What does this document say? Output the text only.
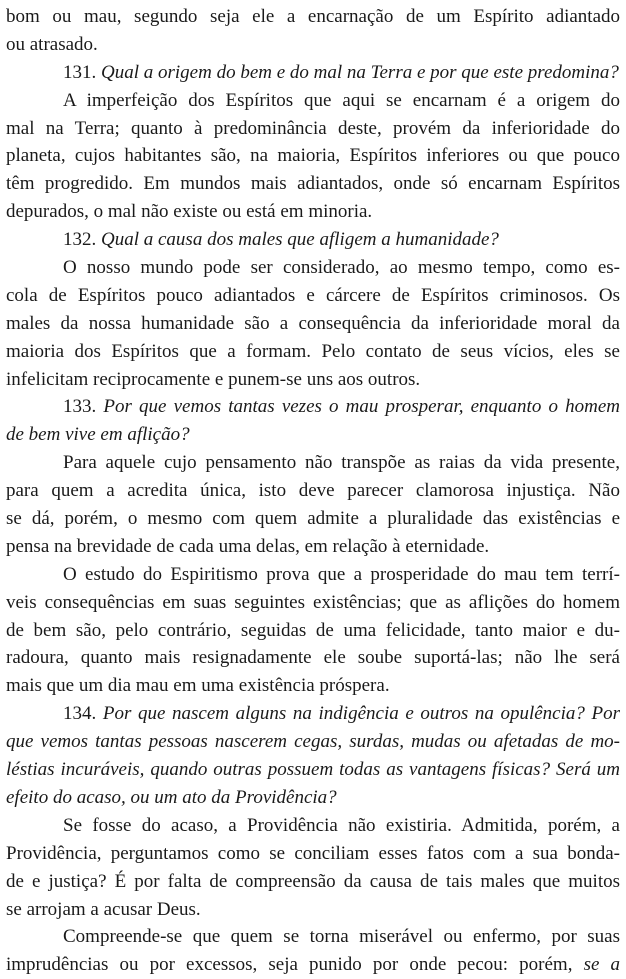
bom ou mau, segundo seja ele a encarnação de um Espírito adiantado
ou atrasado.
131. Qual a origem do bem e do mal na Terra e por que este predomina?
A imperfeição dos Espíritos que aqui se encarnam é a origem do
mal na Terra; quanto à predominância deste, provém da inferioridade do
planeta, cujos habitantes são, na maioria, Espíritos inferiores ou que pouco
têm progredido. Em mundos mais adiantados, onde só encarnam Espíritos
depurados, o mal não existe ou está em minoria.
132. Qual a causa dos males que afligem a humanidade?
O nosso mundo pode ser considerado, ao mesmo tempo, como es-
cola de Espíritos pouco adiantados e cárcere de Espíritos criminosos. Os
males da nossa humanidade são a consequência da inferioridade moral da
maioria dos Espíritos que a formam. Pelo contato de seus vícios, eles se
infelicitam reciprocamente e punem-se uns aos outros.
133. Por que vemos tantas vezes o mau prosperar, enquanto o homem
de bem vive em aflição?
Para aquele cujo pensamento não transpõe as raias da vida presente,
para quem a acredita única, isto deve parecer clamorosa injustiça. Não
se dá, porém, o mesmo com quem admite a pluralidade das existências e
pensa na brevidade de cada uma delas, em relação à eternidade.
O estudo do Espiritismo prova que a prosperidade do mau tem terrí-
veis consequências em suas seguintes existências; que as aflições do homem
de bem são, pelo contrário, seguidas de uma felicidade, tanto maior e du-
radoura, quanto mais resignadamente ele soube suportá-las; não lhe será
mais que um dia mau em uma existência próspera.
134. Por que nascem alguns na indigência e outros na opulência? Por
que vemos tantas pessoas nascerem cegas, surdas, mudas ou afetadas de mo-
léstias incuráveis, quando outras possuem todas as vantagens físicas? Será um
efeito do acaso, ou um ato da Providência?
Se fosse do acaso, a Providência não existiria. Admitida, porém, a
Providência, perguntamos como se conciliam esses fatos com a sua bonda-
de e justiça? É por falta de compreensão da causa de tais males que muitos
se arrojam a acusar Deus.
Compreende-se que quem se torna miserável ou enfermo, por suas
imprudências ou por excessos, seja punido por onde pecou: porém, se a
